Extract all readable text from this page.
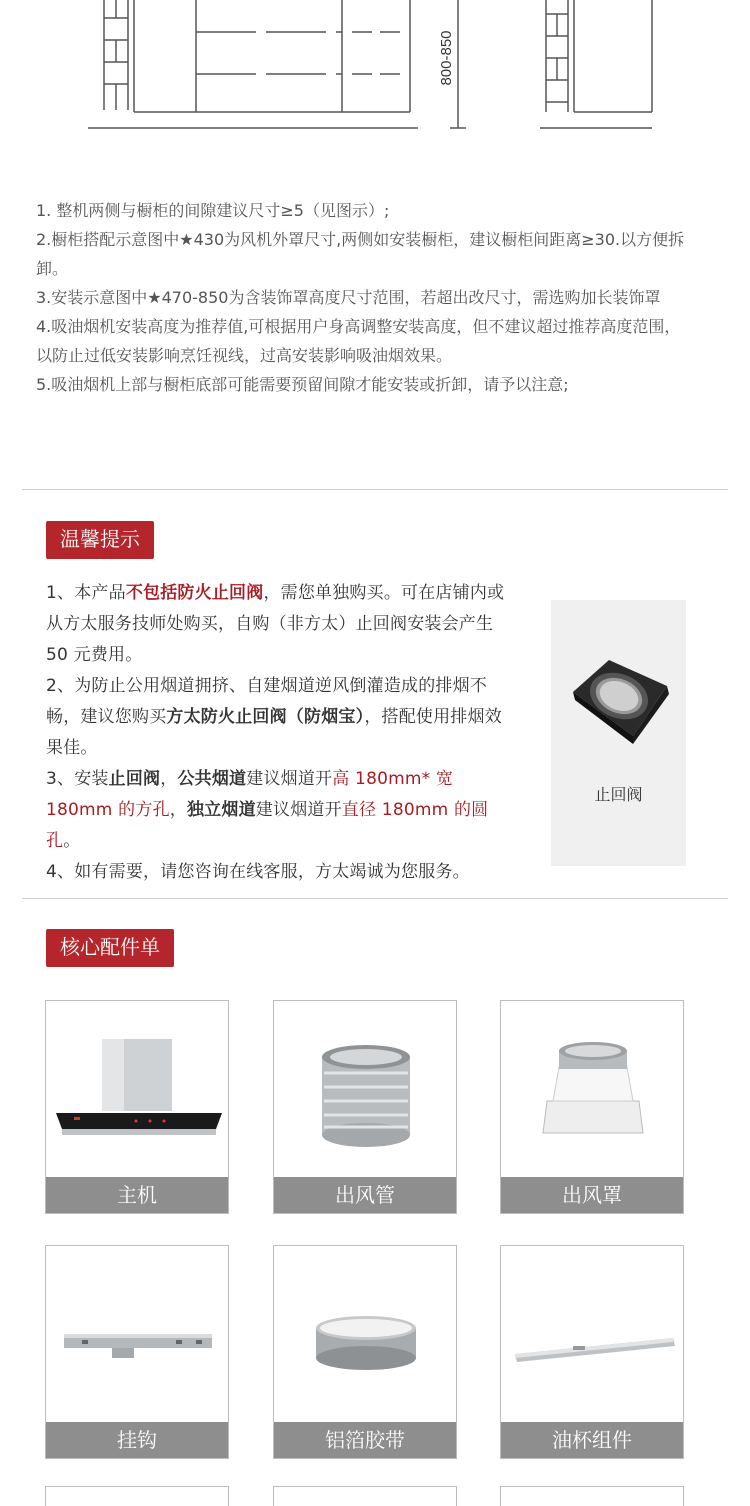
800-850

1. 整机两侧与橱柜的间隙建议尺寸≥5（见图示）;

2.橱柜搭配示意图中★430为风机外罩尺寸,两侧如安装橱柜，建议橱柜间距离≥30.以方便拆卸。

3.安装示意图中★470-850为含装饰罩高度尺寸范围，若超出改尺寸，需选购加长装饰罩

4.吸油烟机安装高度为推荐值,可根据用户身高调整安装高度，但不建议超过推荐高度范围，以防止过低安装影响烹饪视线，过高安装影响吸油烟效果。

5.吸油烟机上部与橱柜底部可能需要预留间隙才能安装或折卸，请予以注意;

温馨提示

1、本产品不包括防火止回阀，需您单独购买。可在店铺内或从方太服务技师处购买，自购（非方太）止回阀安装会产生 50 元费用。

2、为防止公用烟道拥挤、自建烟道逆风倒灌造成的排烟不畅，建议您购买方太防火止回阀（防烟宝），搭配使用排烟效果佳。

3、安装止回阀，公共烟道建议烟道开高 180mm* 宽 180mm 的方孔，独立烟道建议烟道开直径 180mm 的圆孔。

4、如有需要，请您咨询在线客服，方太竭诚为您服务。

止回阀
核心配件单
主机	出风管	出风罩
挂钩	铝箔胶带	油杯组件
